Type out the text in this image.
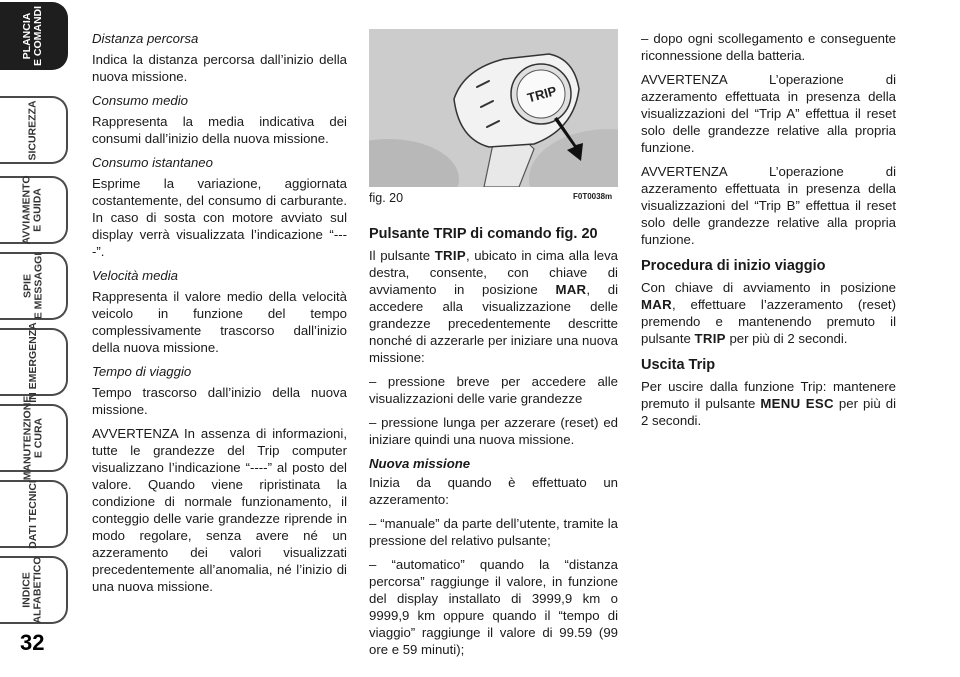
PLANCIA
E COMANDI
SICUREZZA
AVVIAMENTO
E GUIDA
SPIE
E MESSAGGI
IN EMERGENZA
MANUTENZIONE
E CURA
DATI TECNICI
INDICE
ALFABETICO
32

Distanza percorsa

Indica la distanza percorsa dall’inizio della nuova missione.

Consumo medio

Rappresenta la media indicativa dei consumi dall’inizio della nuova missione.

Consumo istantaneo

Esprime la variazione, aggiornata costantemente, del consumo di carburante. In caso di sosta con motore avviato sul display verrà visualizzata l’indicazione “----”.

Velocità media

Rappresenta il valore medio della velocità veicolo in funzione del tempo complessivamente trascorso dall’inizio della nuova missione.

Tempo di viaggio

Tempo trascorso dall’inizio della nuova missione.

AVVERTENZA In assenza di informazioni, tutte le grandezze del Trip computer visualizzano l’indicazione “----” al posto del valore. Quando viene ripristinata la condizione di normale funzionamento, il conteggio delle varie grandezze riprende in modo regolare, senza avere né un azzeramento dei valori visualizzati precedentemente all’anomalia, né l’inizio di una nuova missione.

TRIP
fig. 20	F0T0038m
Pulsante TRIP di comando fig. 20

Il pulsante TRIP, ubicato in cima alla leva destra, consente, con chiave di avviamento in posizione MAR, di accedere alla visualizzazione delle grandezze precedentemente descritte nonché di azzerarle per iniziare una nuova missione:

– pressione breve per accedere alle visualizzazioni delle varie grandezze

– pressione lunga per azzerare (reset) ed iniziare quindi una nuova missione.

Nuova missione

Inizia da quando è effettuato un azzeramento:

– “manuale” da parte dell’utente, tramite la pressione del relativo pulsante;

– “automatico” quando la “distanza percorsa” raggiunge il valore, in funzione del display installato di 3999,9 km o 9999,9 km oppure quando il “tempo di viaggio” raggiunge il valore di 99.59 (99 ore e 59 minuti);

– dopo ogni scollegamento e conseguente riconnessione della batteria.

AVVERTENZA L’operazione di azzeramento effettuata in presenza della visualizzazioni del “Trip A” effettua il reset solo delle grandezze relative alla propria funzione.

AVVERTENZA L’operazione di azzeramento effettuata in presenza della visualizzazioni del “Trip B” effettua il reset solo delle grandezze relative alla propria funzione.

Procedura di inizio viaggio

Con chiave di avviamento in posizione MAR, effettuare l’azzeramento (reset) premendo e mantenendo premuto il pulsante TRIP per più di 2 secondi.

Uscita Trip

Per uscire dalla funzione Trip: mantenere premuto il pulsante MENU ESC per più di 2 secondi.
